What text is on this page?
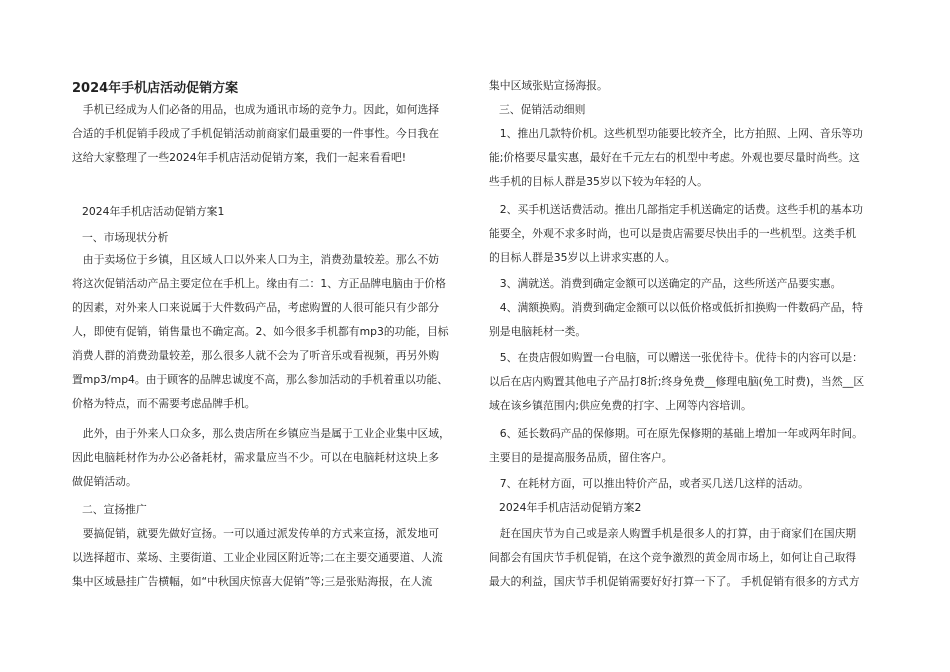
2024年手机店活动促销方案

　手机已经成为人们必备的用品，也成为通讯市场的竞争力。因此，如何选择
合适的手机促销手段成了手机促销活动前商家们最重要的一件事性。今日我在
这给大家整理了一些2024年手机店活动促销方案，我们一起来看看吧!

2024年手机店活动促销方案1

一、市场现状分析

　由于卖场位于乡镇，且区域人口以外来人口为主，消费劲量较差。那么不妨
将这次促销活动产品主要定位在手机上。缘由有二：1、方正品牌电脑由于价格
的因素，对外来人口来说属于大件数码产品，考虑购置的人很可能只有少部分
人，即使有促销，销售量也不确定高。2、如今很多手机都有mp3的功能，目标
消费人群的消费劲量较差，那么很多人就不会为了听音乐或看视频，再另外购
置mp3/mp4。由于顾客的品牌忠诚度不高，那么参加活动的手机着重以功能、
价格为特点，而不需要考虑品牌手机。

　此外，由于外来人口众多，那么贵店所在乡镇应当是属于工业企业集中区域，
因此电脑耗材作为办公必备耗材，需求量应当不少。可以在电脑耗材这块上多
做促销活动。

二、宣扬推广

　要搞促销，就要先做好宣扬。一可以通过派发传单的方式来宣扬，派发地可
以选择超市、菜场、主要街道、工业企业园区附近等;二在主要交通要道、人流
集中区域悬挂广告横幅，如“中秋国庆惊喜大促销”等;三是张贴海报，在人流

集中区域张贴宣扬海报。

三、促销活动细则

　1、推出几款特价机。这些机型功能要比较齐全，比方拍照、上网、音乐等功
能;价格要尽量实惠，最好在千元左右的机型中考虑。外观也要尽量时尚些。这
些手机的目标人群是35岁以下较为年轻的人。

　2、买手机送话费活动。推出几部指定手机送确定的话费。这些手机的基本功
能要全，外观不求多时尚，也可以是贵店需要尽快出手的一些机型。这类手机
的目标人群是35岁以上讲求实惠的人。

　3、满就送。消费到确定金额可以送确定的产品，这些所送产品要实惠。

　4、满额换购。消费到确定金额可以以低价格或低折扣换购一件数码产品，特
别是电脑耗材一类。

　5、在贵店假如购置一台电脑，可以赠送一张优待卡。优待卡的内容可以是：
以后在店内购置其他电子产品打8折;终身免费__修理电脑(免工时费)，当然__区
域在该乡镇范围内;供应免费的打字、上网等内容培训。

　6、延长数码产品的保修期。可在原先保修期的基础上增加一年或两年时间。
主要目的是提高服务品质，留住客户。

　7、在耗材方面，可以推出特价产品，或者买几送几这样的活动。

2024年手机店活动促销方案2

　赶在国庆节为自己或是亲人购置手机是很多人的打算，由于商家们在国庆期
间都会有国庆节手机促销，在这个竞争激烈的黄金周市场上，如何让自己取得
最大的利益，国庆节手机促销需要好好打算一下了。 手机促销有很多的方式方
